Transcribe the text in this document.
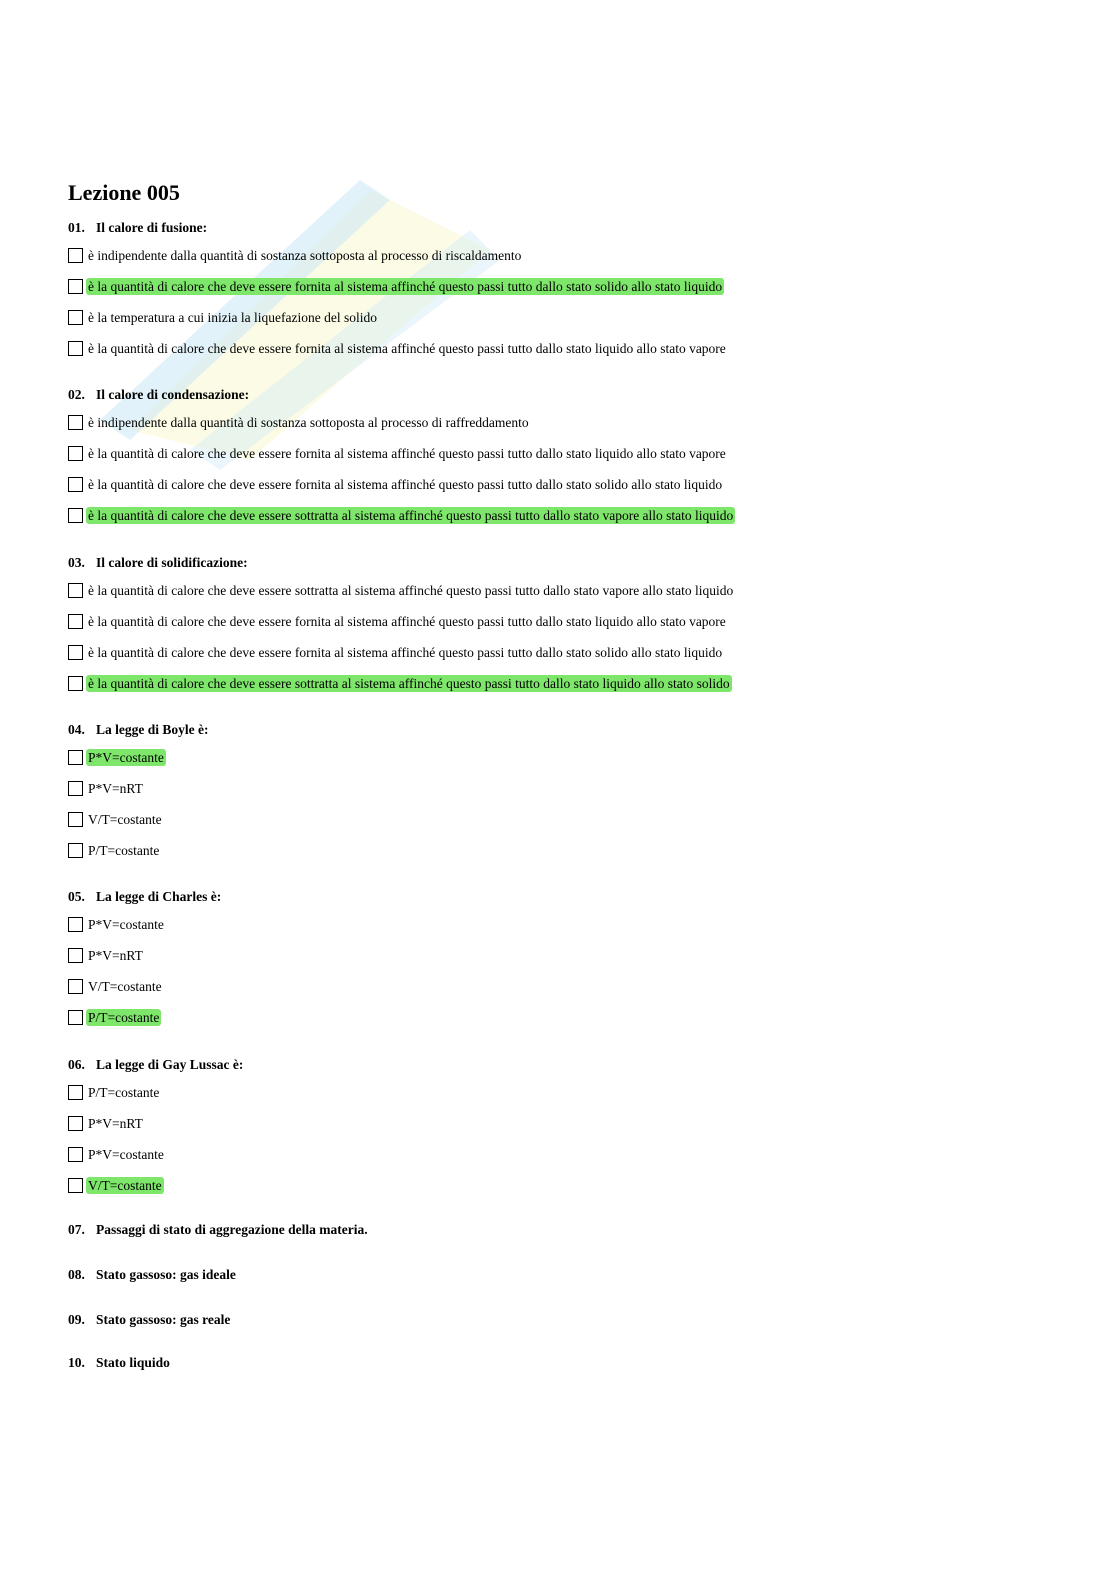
Lezione 005
01. Il calore di fusione:
è indipendente dalla quantità di sostanza sottoposta al processo di riscaldamento
è la quantità di calore che deve essere fornita al sistema affinché questo passi tutto dallo stato solido allo stato liquido
è la temperatura a cui inizia la liquefazione del solido
è la quantità di calore che deve essere fornita al sistema affinché questo passi tutto dallo stato liquido allo stato vapore
02. Il calore di condensazione:
è indipendente dalla quantità di sostanza sottoposta al processo di raffreddamento
è la quantità di calore che deve essere fornita al sistema affinché questo passi tutto dallo stato liquido allo stato vapore
è la quantità di calore che deve essere fornita al sistema affinché questo passi tutto dallo stato solido allo stato liquido
è la quantità di calore che deve essere sottratta al sistema affinché questo passi tutto dallo stato vapore allo stato liquido
03. Il calore di solidificazione:
è la quantità di calore che deve essere sottratta al sistema affinché questo passi tutto dallo stato vapore allo stato liquido
è la quantità di calore che deve essere fornita al sistema affinché questo passi tutto dallo stato liquido allo stato vapore
è la quantità di calore che deve essere fornita al sistema affinché questo passi tutto dallo stato solido allo stato liquido
è la quantità di calore che deve essere sottratta al sistema affinché questo passi tutto dallo stato liquido allo stato solido
04. La legge di Boyle è:
P*V=costante
P*V=nRT
V/T=costante
P/T=costante
05. La legge di Charles è:
P*V=costante
P*V=nRT
V/T=costante
P/T=costante
06. La legge di Gay Lussac è:
P/T=costante
P*V=nRT
P*V=costante
V/T=costante
07. Passaggi di stato di aggregazione della materia.
08. Stato gassoso: gas ideale
09. Stato gassoso: gas reale
10. Stato liquido
